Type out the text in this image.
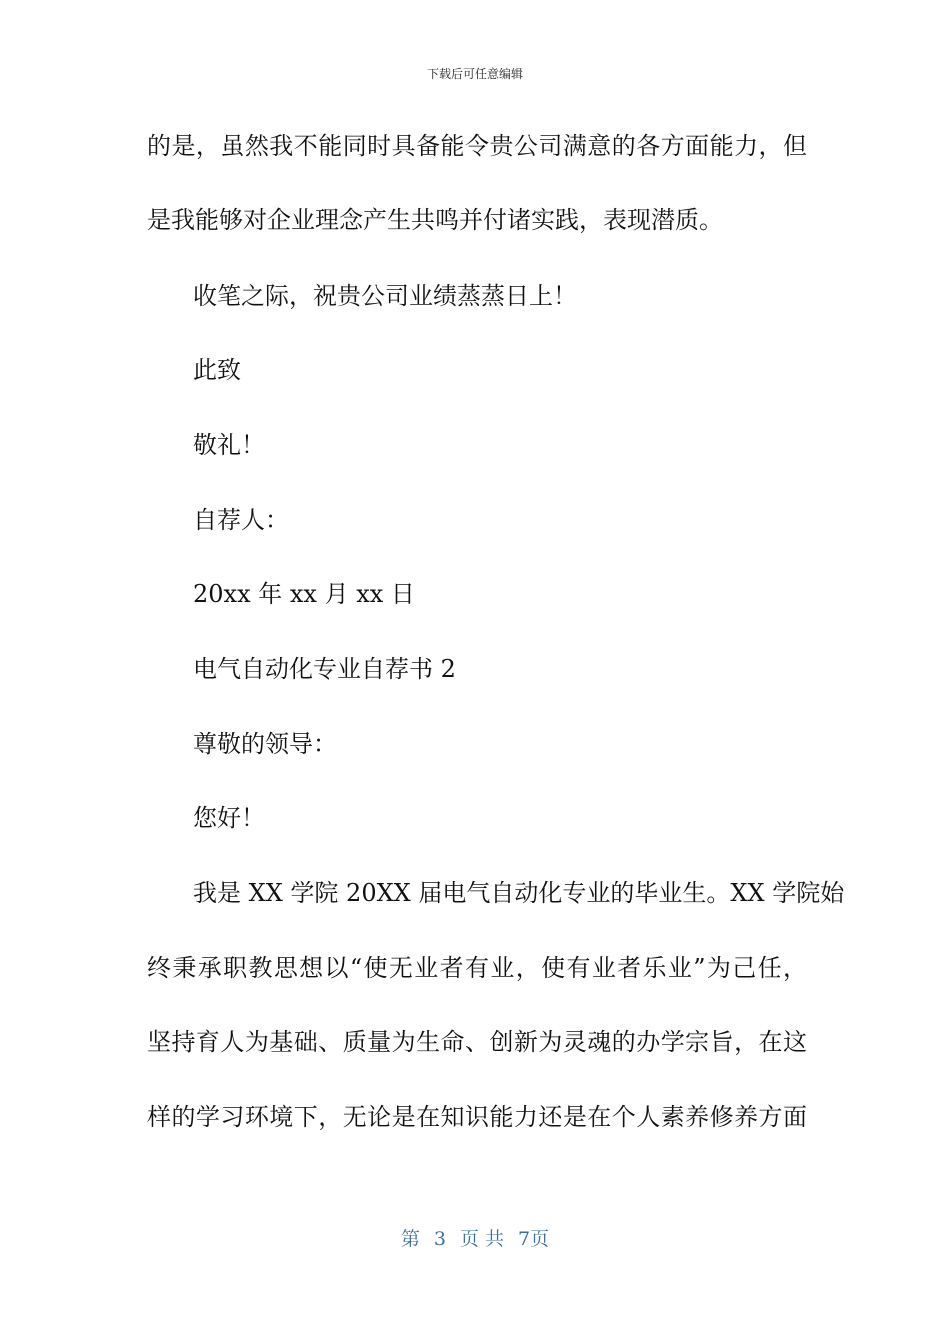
下载后可任意编辑
的是，虽然我不能同时具备能令贵公司满意的各方面能力，但
是我能够对企业理念产生共鸣并付诸实践，表现潜质。
收笔之际，祝贵公司业绩蒸蒸日上！
此致
敬礼！
自荐人：
20xx 年 xx 月 xx 日
电气自动化专业自荐书 2
尊敬的领导：
您好！
我是 XX 学院 20XX 届电气自动化专业的毕业生。XX 学院始
终秉承职教思想以“使无业者有业，使有业者乐业”为己任，
坚持育人为基础、质量为生命、创新为灵魂的办学宗旨，在这
样的学习环境下，无论是在知识能力还是在个人素养修养方面
第 3 页 共 7页
